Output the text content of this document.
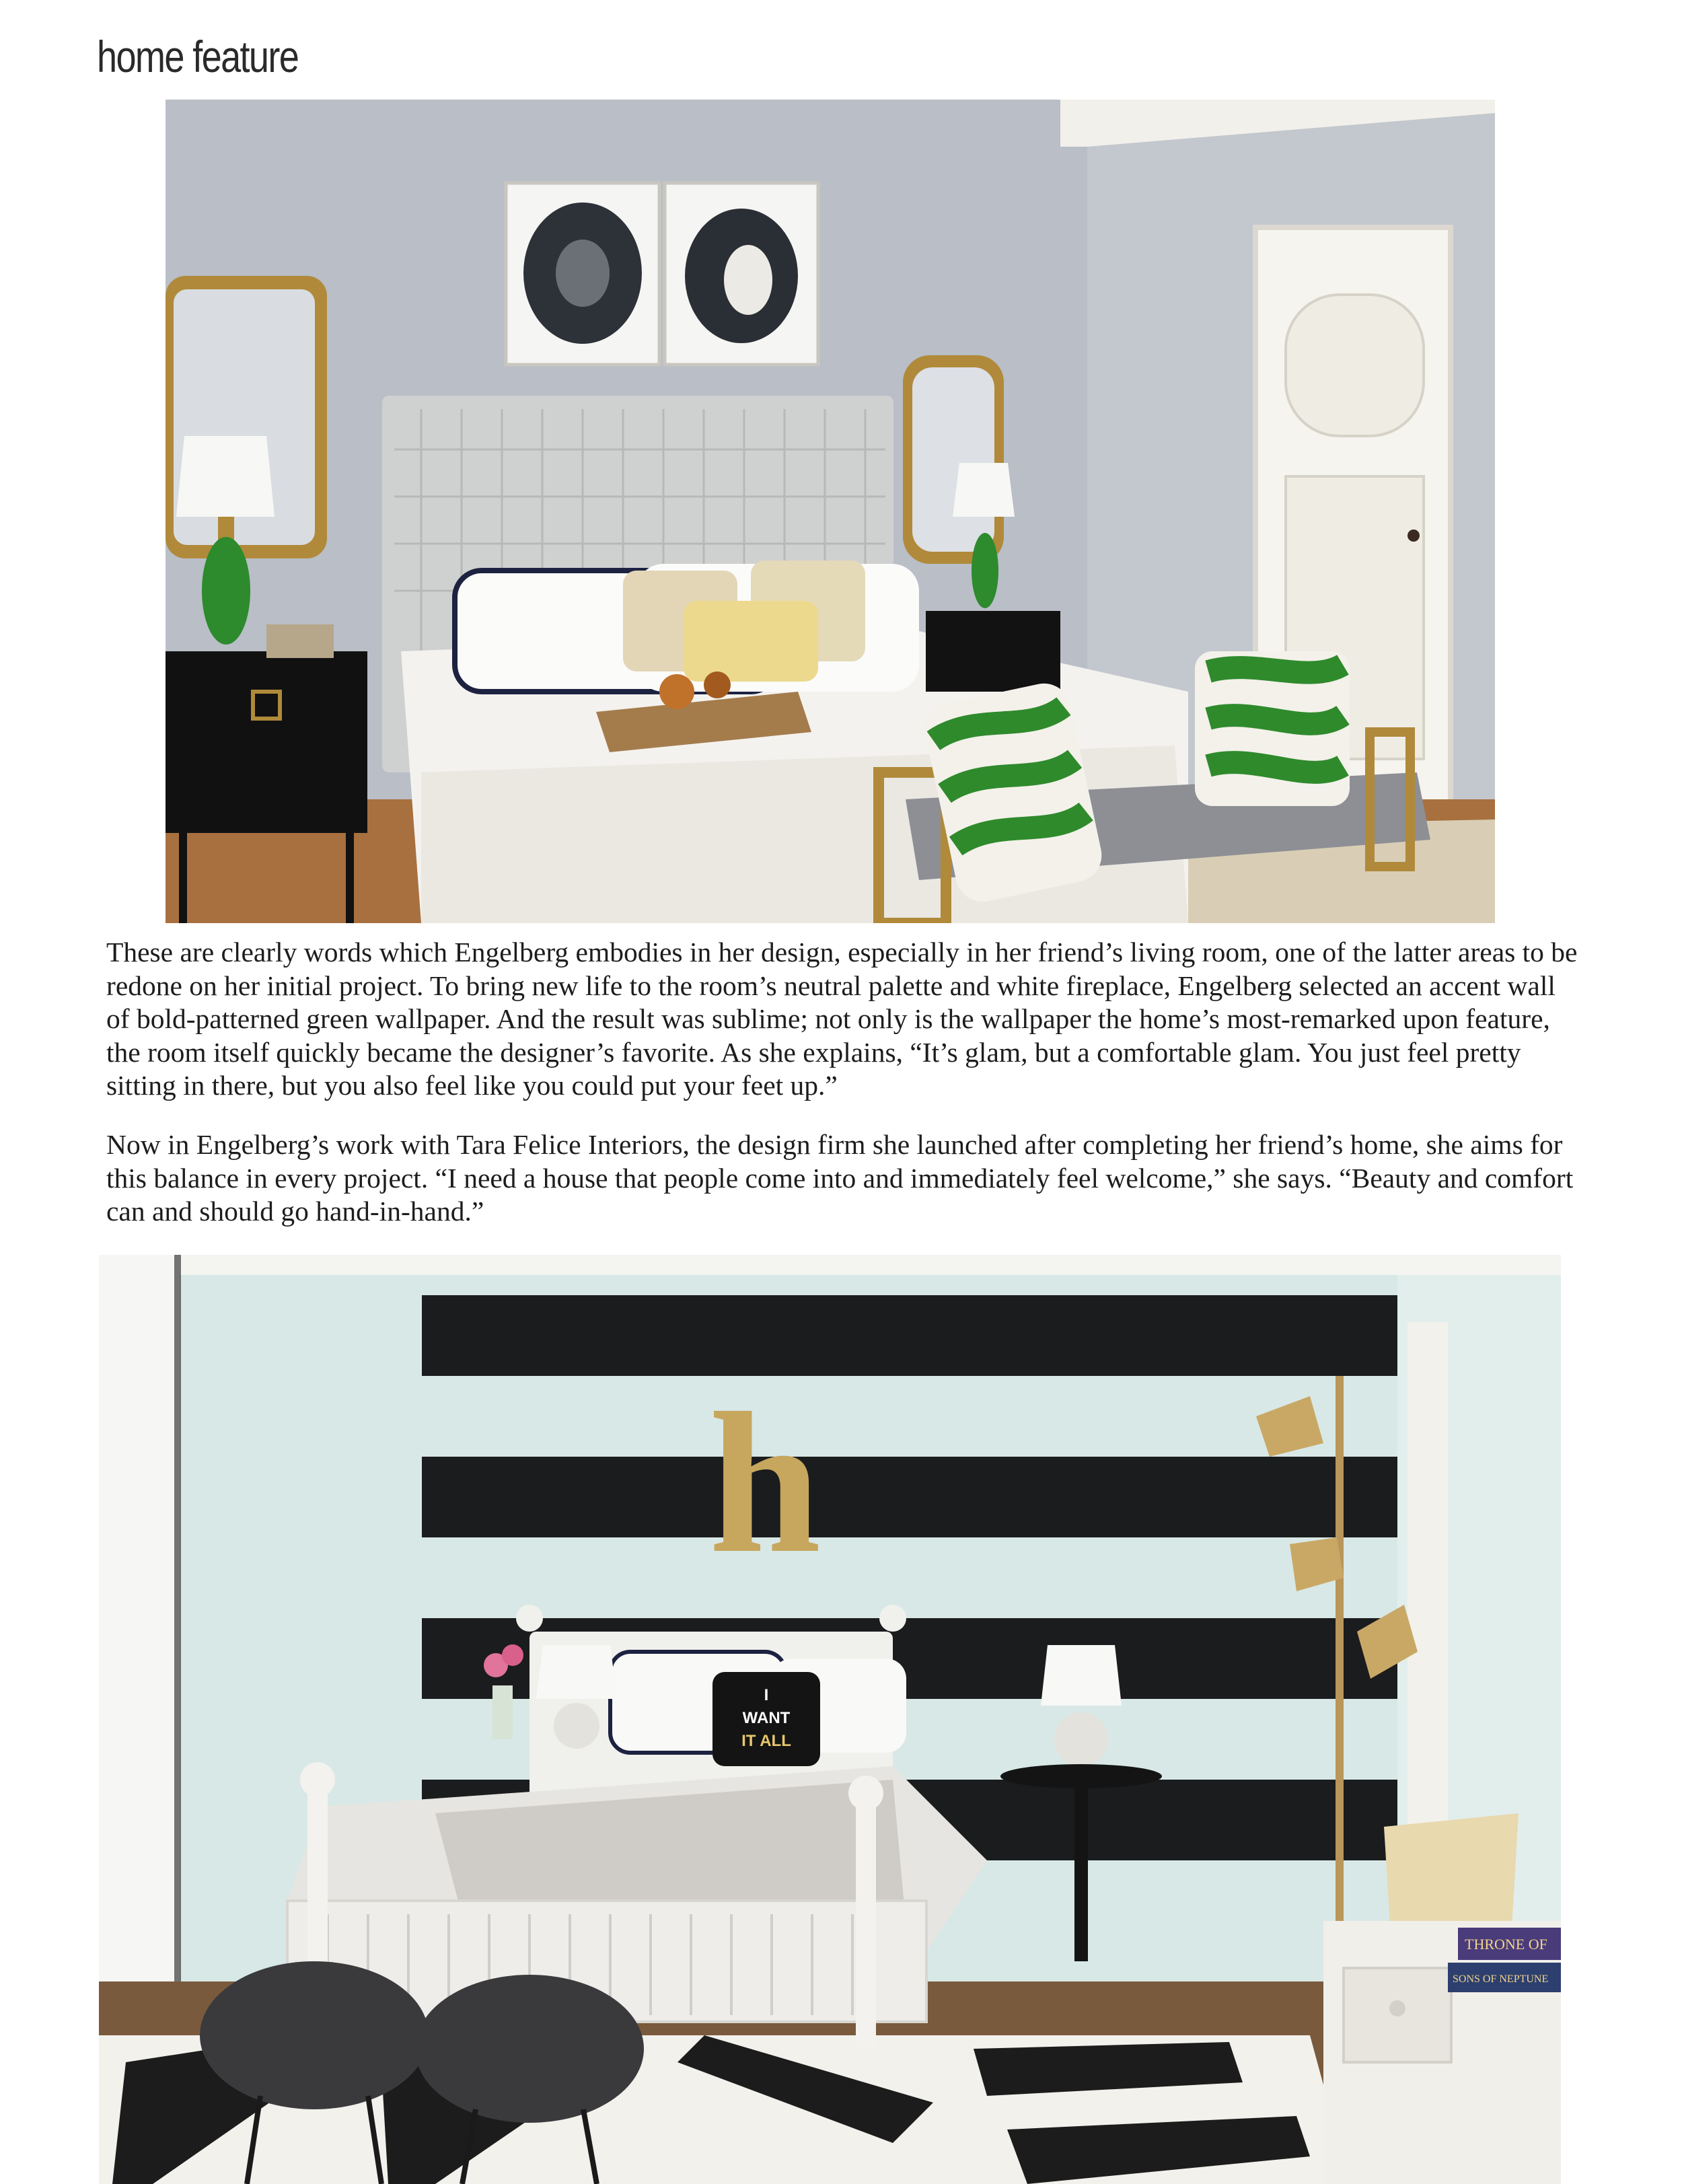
home feature
These are clearly words which Engelberg embodies in her design, especially in her friend’s living room, one of the latter areas to be
redone on her initial project. To bring new life to the room’s neutral palette and white fireplace, Engelberg selected an accent wall
of bold-patterned green wallpaper. And the result was sublime; not only is the wallpaper the home’s most-remarked upon feature,
the room itself quickly became the designer’s favorite. As she explains, “It’s glam, but a comfortable glam. You just feel pretty
sitting in there, but you also feel like you could put your feet up.”
Now in Engelberg’s work with Tara Felice Interiors, the design firm she launched after completing her friend’s home, she aims for
this balance in every project. “I need a house that people come into and immediately feel welcome,” she says. “Beauty and comfort
can and should go hand-in-hand.”
h
I
WANT
IT ALL
THRONE OF
SONS OF NEPTUNE
